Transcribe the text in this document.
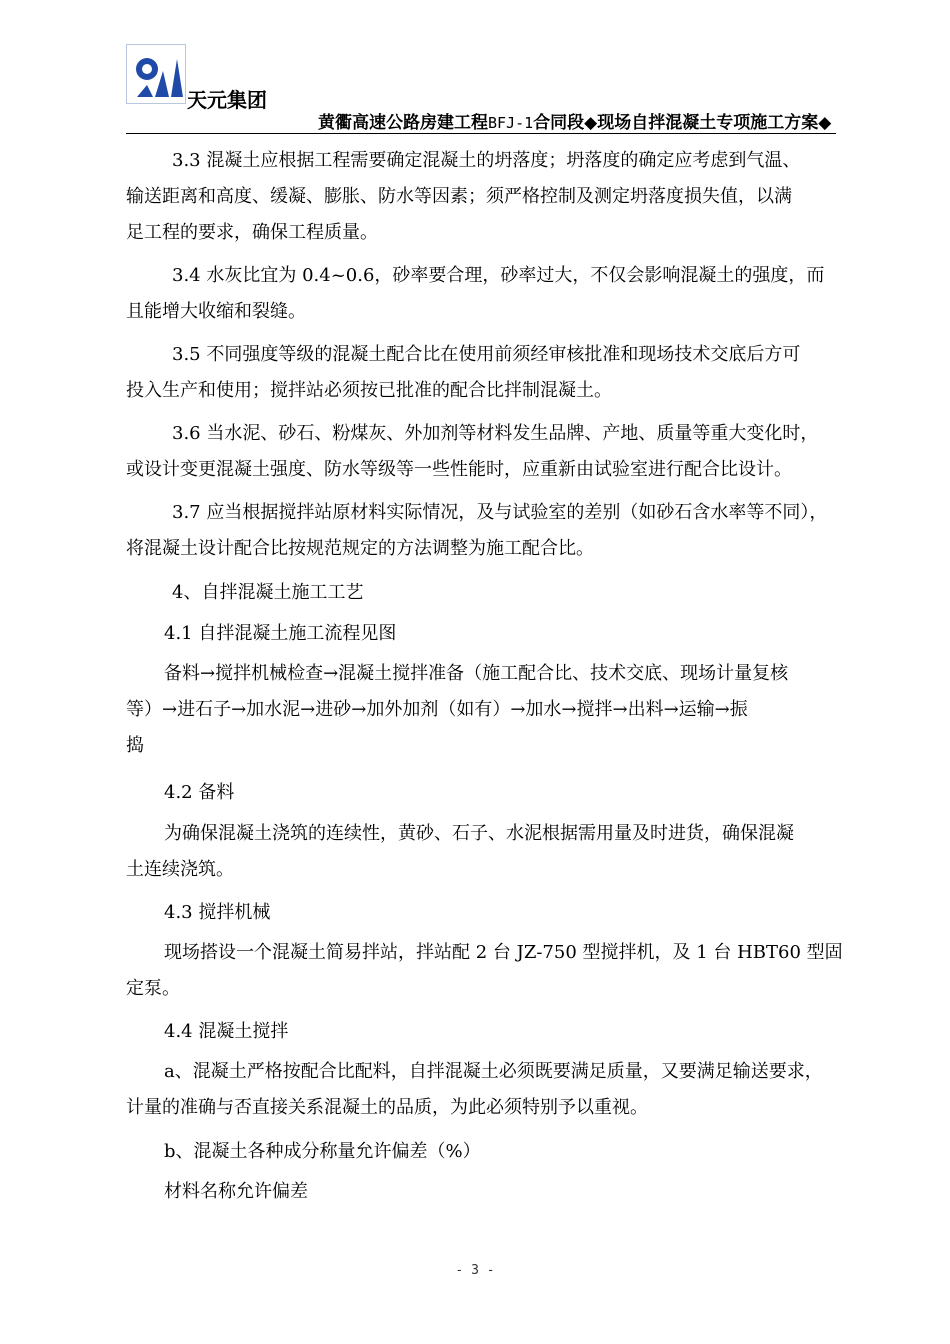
天元集团
黄衢高速公路房建工程BFJ-1合同段◆现场自拌混凝土专项施工方案◆
3.3 混凝土应根据工程需要确定混凝土的坍落度；坍落度的确定应考虑到气温、
输送距离和高度、缓凝、膨胀、防水等因素；须严格控制及测定坍落度损失值，以满
足工程的要求，确保工程质量。
3.4 水灰比宜为 0.4~0.6，砂率要合理，砂率过大，不仅会影响混凝土的强度，而
且能增大收缩和裂缝。
3.5 不同强度等级的混凝土配合比在使用前须经审核批准和现场技术交底后方可
投入生产和使用；搅拌站必须按已批准的配合比拌制混凝土。
3.6 当水泥、砂石、粉煤灰、外加剂等材料发生品牌、产地、质量等重大变化时，
或设计变更混凝土强度、防水等级等一些性能时，应重新由试验室进行配合比设计。
3.7 应当根据搅拌站原材料实际情况，及与试验室的差别（如砂石含水率等不同），
将混凝土设计配合比按规范规定的方法调整为施工配合比。
4、自拌混凝土施工工艺
4.1 自拌混凝土施工流程见图
备料→搅拌机械检查→混凝土搅拌准备（施工配合比、技术交底、现场计量复核
等）→进石子→加水泥→进砂→加外加剂（如有）→加水→搅拌→出料→运输→振
捣
4.2 备料
为确保混凝土浇筑的连续性，黄砂、石子、水泥根据需用量及时进货，确保混凝
土连续浇筑。
4.3 搅拌机械
现场搭设一个混凝土简易拌站，拌站配 2 台 JZ-750 型搅拌机，及 1 台 HBT60 型固
定泵。
4.4 混凝土搅拌
a、混凝土严格按配合比配料，自拌混凝土必须既要满足质量，又要满足输送要求，
计量的准确与否直接关系混凝土的品质，为此必须特别予以重视。
b、混凝土各种成分称量允许偏差（%）
材料名称允许偏差
- 3 -
